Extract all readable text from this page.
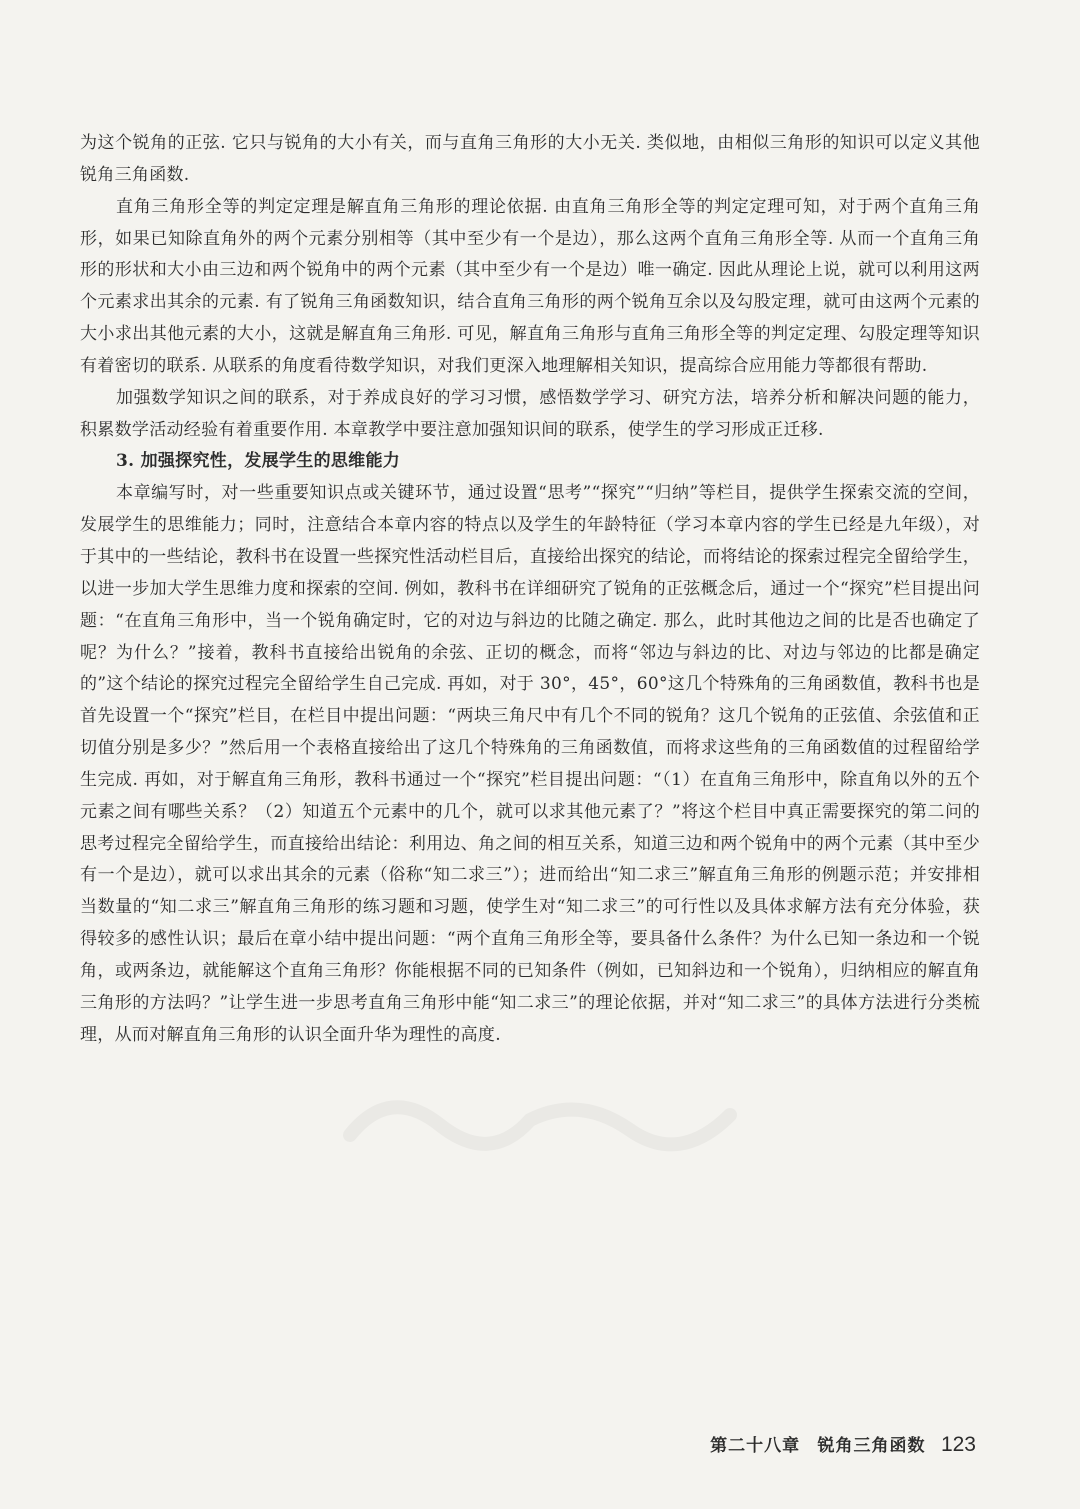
为这个锐角的正弦. 它只与锐角的大小有关，而与直角三角形的大小无关. 类似地，由相似三角形的知识可以定义其他锐角三角函数.

直角三角形全等的判定定理是解直角三角形的理论依据. 由直角三角形全等的判定定理可知，对于两个直角三角形，如果已知除直角外的两个元素分别相等（其中至少有一个是边），那么这两个直角三角形全等. 从而一个直角三角形的形状和大小由三边和两个锐角中的两个元素（其中至少有一个是边）唯一确定. 因此从理论上说，就可以利用这两个元素求出其余的元素. 有了锐角三角函数知识，结合直角三角形的两个锐角互余以及勾股定理，就可由这两个元素的大小求出其他元素的大小，这就是解直角三角形. 可见，解直角三角形与直角三角形全等的判定定理、勾股定理等知识有着密切的联系. 从联系的角度看待数学知识，对我们更深入地理解相关知识，提高综合应用能力等都很有帮助.

加强数学知识之间的联系，对于养成良好的学习习惯，感悟数学学习、研究方法，培养分析和解决问题的能力，积累数学活动经验有着重要作用. 本章教学中要注意加强知识间的联系，使学生的学习形成正迁移.

3. 加强探究性，发展学生的思维能力

本章编写时，对一些重要知识点或关键环节，通过设置“思考”“探究”“归纳”等栏目，提供学生探索交流的空间，发展学生的思维能力；同时，注意结合本章内容的特点以及学生的年龄特征（学习本章内容的学生已经是九年级），对于其中的一些结论，教科书在设置一些探究性活动栏目后，直接给出探究的结论，而将结论的探索过程完全留给学生，以进一步加大学生思维力度和探索的空间. 例如，教科书在详细研究了锐角的正弦概念后，通过一个“探究”栏目提出问题：“在直角三角形中，当一个锐角确定时，它的对边与斜边的比随之确定. 那么，此时其他边之间的比是否也确定了呢？为什么？”接着，教科书直接给出锐角的余弦、正切的概念，而将“邻边与斜边的比、对边与邻边的比都是确定的”这个结论的探究过程完全留给学生自己完成. 再如，对于 30°，45°，60°这几个特殊角的三角函数值，教科书也是首先设置一个“探究”栏目，在栏目中提出问题：“两块三角尺中有几个不同的锐角？这几个锐角的正弦值、余弦值和正切值分别是多少？”然后用一个表格直接给出了这几个特殊角的三角函数值，而将求这些角的三角函数值的过程留给学生完成. 再如，对于解直角三角形，教科书通过一个“探究”栏目提出问题：“（1）在直角三角形中，除直角以外的五个元素之间有哪些关系？（2）知道五个元素中的几个，就可以求其他元素了？”将这个栏目中真正需要探究的第二问的思考过程完全留给学生，而直接给出结论：利用边、角之间的相互关系，知道三边和两个锐角中的两个元素（其中至少有一个是边），就可以求出其余的元素（俗称“知二求三”）；进而给出“知二求三”解直角三角形的例题示范；并安排相当数量的“知二求三”解直角三角形的练习题和习题，使学生对“知二求三”的可行性以及具体求解方法有充分体验，获得较多的感性认识；最后在章小结中提出问题：“两个直角三角形全等，要具备什么条件？为什么已知一条边和一个锐角，或两条边，就能解这个直角三角形？你能根据不同的已知条件（例如，已知斜边和一个锐角），归纳相应的解直角三角形的方法吗？”让学生进一步思考直角三角形中能“知二求三”的理论依据，并对“知二求三”的具体方法进行分类梳理，从而对解直角三角形的认识全面升华为理性的高度.

第二十八章 锐角三角函数 123
